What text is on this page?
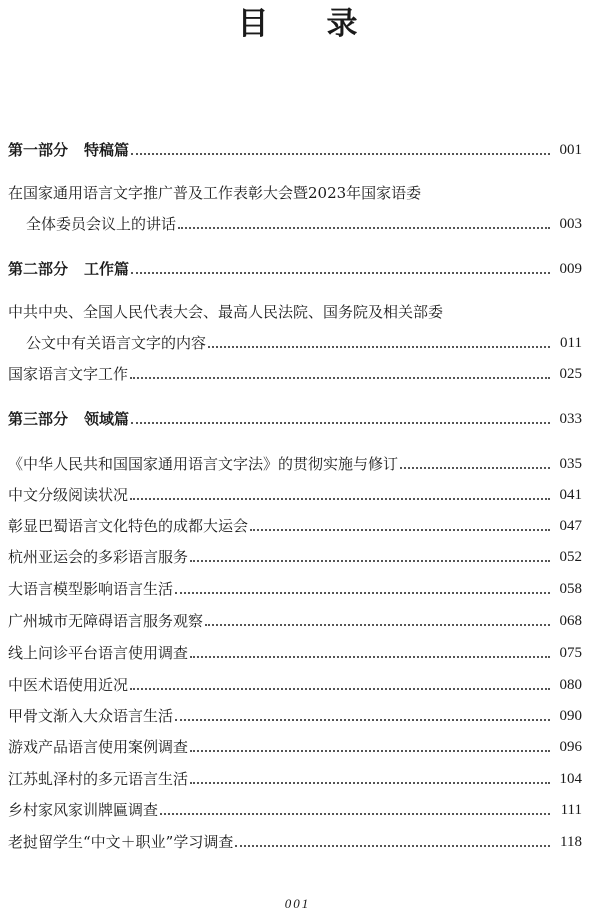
目录
第一部分 特稿篇	001
在国家通用语言文字推广普及工作表彰大会暨2023年国家语委
全体委员会议上的讲话	003
第二部分 工作篇	009
中共中央、全国人民代表大会、最高人民法院、国务院及相关部委
公文中有关语言文字的内容	011
国家语言文字工作	025
第三部分 领域篇	033
《中华人民共和国国家通用语言文字法》的贯彻实施与修订	035
中文分级阅读状况	041
彰显巴蜀语言文化特色的成都大运会	047
杭州亚运会的多彩语言服务	052
大语言模型影响语言生活	058
广州城市无障碍语言服务观察	068
线上问诊平台语言使用调查	075
中医术语使用近况	080
甲骨文渐入大众语言生活	090
游戏产品语言使用案例调查	096
江苏虬泽村的多元语言生活	104
乡村家风家训牌匾调查	111
老挝留学生“中文＋职业”学习调查	118
001
